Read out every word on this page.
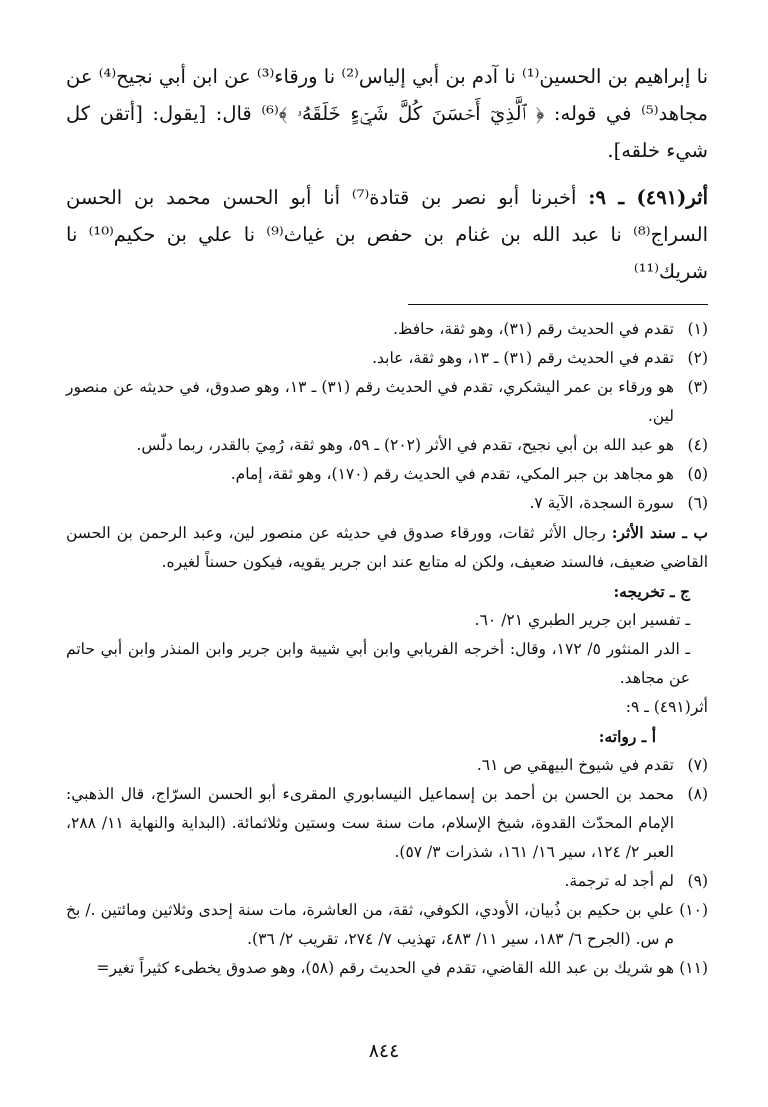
نا إبراهيم بن الحسين⁽¹⁾ نا آدم بن أبي إلياس⁽²⁾ نا ورقاء⁽³⁾ عن ابن أبي نجيح⁽⁴⁾ عن مجاهد⁽⁵⁾ في قوله: ﴿ ٱلَّذِيٓ أَحۡسَنَ كُلَّ شَيۡءٍ خَلَقَهُۥ ﴾⁽⁶⁾ قال: [يقول: [أتقن كل شيء خلقه].

أثر(٤٩١) ـ ٩: أخبرنا أبو نصر بن قتادة⁽⁷⁾ أنا أبو الحسن محمد بن الحسن السراج⁽⁸⁾ نا عبد الله بن غنام بن حفص بن غياث⁽⁹⁾ نا علي بن حكيم⁽¹⁰⁾ نا شريك⁽¹¹⁾

(١)
تقدم في الحديث رقم (٣١)، وهو ثقة، حافظ.
(٢)
تقدم في الحديث رقم (٣١) ـ ١٣، وهو ثقة، عابد.
(٣)
هو ورقاء بن عمر اليشكري، تقدم في الحديث رقم (٣١) ـ ١٣، وهو صدوق، في حديثه عن منصور لين.
(٤)
هو عبد الله بن أبي نجيح، تقدم في الأثر (٢٠٢) ـ ٥٩، وهو ثقة، رُمِيَ بالقدر، ربما دلّس.
(٥)
هو مجاهد بن جبر المكي، تقدم في الحديث رقم (١٧٠)، وهو ثقة، إمام.
(٦)
سورة السجدة، الآية ٧.
ب ـ سند الأثر: رجال الأثر ثقات، وورقاء صدوق في حديثه عن منصور لين، وعبد الرحمن بن الحسن القاضي ضعيف، فالسند ضعيف، ولكن له متابع عند ابن جرير يقويه، فيكون حسناً لغيره.
ج ـ تخريجه:
ـ تفسير ابن جرير الطبري ٢١/ ٦٠.
ـ الدر المنثور ٥/ ١٧٢، وقال: أخرجه الفريابي وابن أبي شيبة وابن جرير وابن المنذر وابن أبي حاتم عن مجاهد.
أثر(٤٩١) ـ ٩:
أ ـ رواته:
(٧)
تقدم في شيوخ البيهقي ص ٦١.
(٨)
محمد بن الحسن بن أحمد بن إسماعيل النيسابوري المقرىء أبو الحسن السرّاج، قال الذهبي: الإمام المحدّث القدوة، شيخ الإسلام، مات سنة ست وستين وثلاثمائة. (البداية والنهاية ١١/ ٢٨٨، العبر ٢/ ١٢٤، سير ١٦/ ١٦١، شذرات ٣/ ٥٧).
(٩)
لم أجد له ترجمة.
(١٠)
علي بن حكيم بن ذُبيان، الأودي، الكوفي، ثقة، من العاشرة، مات سنة إحدى وثلاثين ومائتين ./ بخ م س. (الجرح ٦/ ١٨٣، سير ١١/ ٤٨٣، تهذيب ٧/ ٢٧٤، تقريب ٢/ ٣٦).
(١١)
هو شريك بن عبد الله القاضي، تقدم في الحديث رقم (٥٨)، وهو صدوق يخطىء كثيراً تغير=
٨٤٤
